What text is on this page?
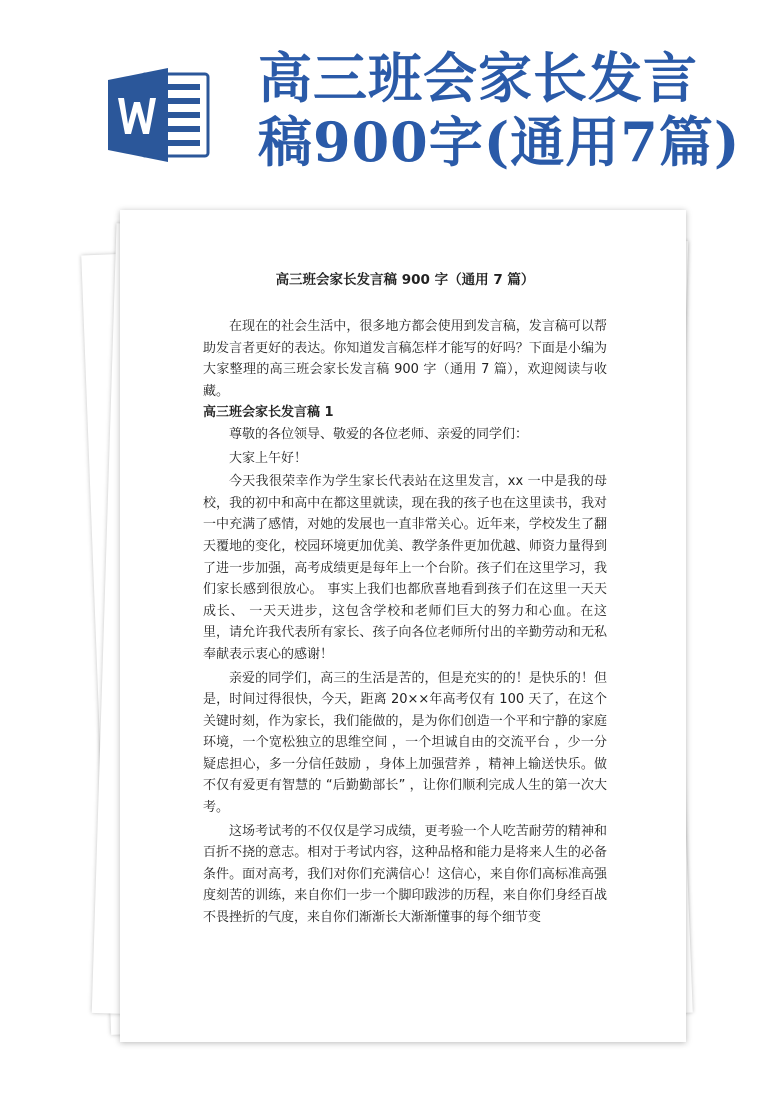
高三班会家长发言
稿900字(通用7篇)
高三班会家长发言稿 900 字（通用 7 篇）

在现在的社会生活中，很多地方都会使用到发言稿，发言稿可以帮助发言者更好的表达。你知道发言稿怎样才能写的好吗？下面是小编为大家整理的高三班会家长发言稿 900 字（通用 7 篇），欢迎阅读与收藏。

高三班会家长发言稿 1

尊敬的各位领导、敬爱的各位老师、亲爱的同学们：

大家上午好！

今天我很荣幸作为学生家长代表站在这里发言，xx 一中是我的母校，我的初中和高中在都这里就读，现在我的孩子也在这里读书，我对一中充满了感情，对她的发展也一直非常关心。近年来，学校发生了翻天覆地的变化，校园环境更加优美、教学条件更加优越、师资力量得到了进一步加强，高考成绩更是每年上一个台阶。孩子们在这里学习，我们家长感到很放心。 事实上我们也都欣喜地看到孩子们在这里一天天成长、 一天天进步，这包含学校和老师们巨大的努力和心血。在这里，请允许我代表所有家长、孩子向各位老师所付出的辛勤劳动和无私奉献表示衷心的感谢！

亲爱的同学们，高三的生活是苦的，但是充实的的！是快乐的！但是，时间过得很快，今天，距离 20××年高考仅有 100 天了，在这个关键时刻，作为家长，我们能做的，是为你们创造一个平和宁静的家庭环境，一个宽松独立的思维空间 ，一个坦诚自由的交流平台 ，少一分疑虑担心，多一分信任鼓励 ，身体上加强营养 ，精神上输送快乐。做不仅有爱更有智慧的 “后勤勤部长” ，让你们顺利完成人生的第一次大考。

这场考试考的不仅仅是学习成绩，更考验一个人吃苦耐劳的精神和百折不挠的意志。相对于考试内容，这种品格和能力是将来人生的必备条件。面对高考，我们对你们充满信心！这信心，来自你们高标准高强度刻苦的训练，来自你们一步一个脚印跋涉的历程，来自你们身经百战不畏挫折的气度，来自你们渐渐长大渐渐懂事的每个细节变
